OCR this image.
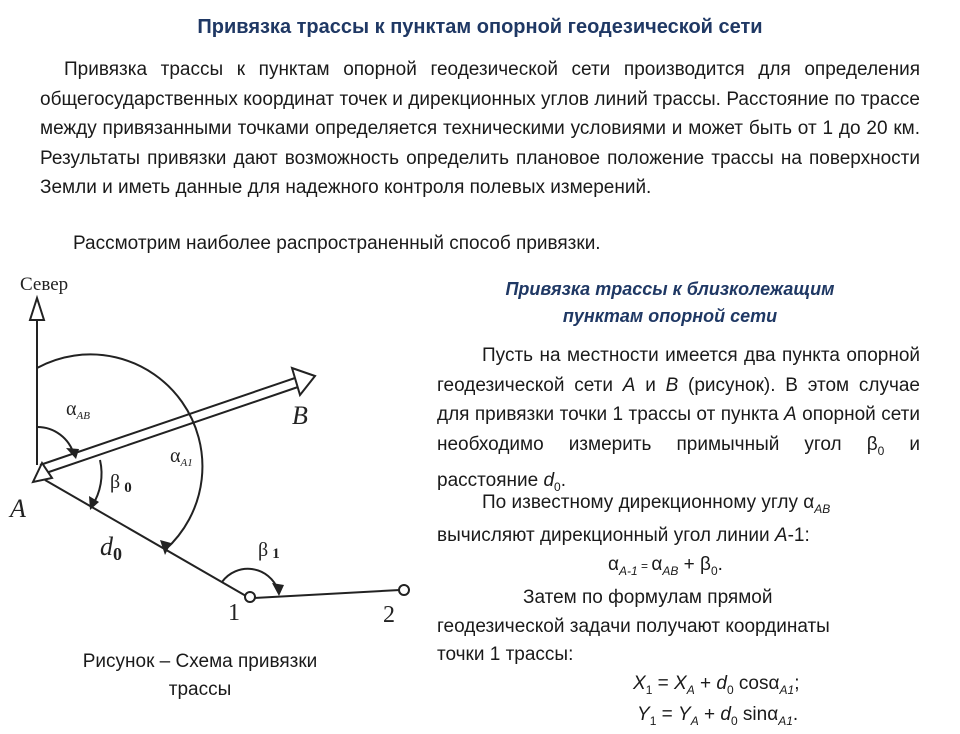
Привязка трассы к пунктам опорной геодезической сети

Привязка трассы к пунктам опорной геодезической сети производится для определения общегосударственных координат точек и дирекционных углов линий трассы. Расстояние по трассе между привязанными точками определяется техническими условиями и может быть от 1 до 20 км. Результаты привязки дают возможность определить плановое положение трассы на поверхности Земли и иметь данные для надежного контроля полевых измерений.

Рассмотрим наиболее распространенный способ привязки.

Привязка трассы к близколежащим
пунктам опорной сети

Пусть на местности имеется два пункта опорной геодезической сети А и В (рисунок). В этом случае для привязки точки 1 трассы от пункта А опорной сети необходимо измерить примычный угол $\beta_0$ и расстояние $d_0$.

По известному дирекционному углу $\alpha_{AB}$
вычисляют дирекционный угол линии А-1:
$\alpha_{A-1} = \alpha_{AB} + \beta_0$.
Затем по формулам прямой
геодезической задачи получают координаты
точки 1 трассы:
$X_1 = X_A + d_0$ cosα$_{A1}$;
$Y_1 = Y_A + d_0$ sinα$_{A1}$.
Рисунок – Схема привязки
трассы
Север
B
A
1	2
$\alpha_{AB}$
$\alpha_{A1}$
β $_0$
β 1
d0
